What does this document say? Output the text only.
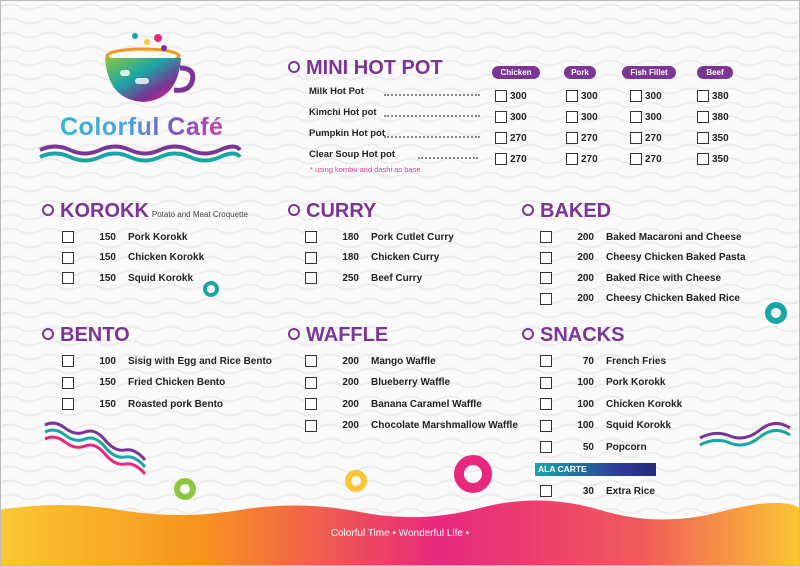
Colorful Café
MINI HOT POT	Chicken	Pork	Fish Fillet	Beef
Milk Hot Pot	300	300	300	380
Kimchi Hot pot	300	300	300	380
Pumpkin Hot pot	270	270	270	350
Clear Soup Hot pot	270	270	270	350
* using kombu and dashi as base
KOROKK Potato and Meat Croquette	CURRY	BAKED
BENTO	WAFFLE	SNACKS
ALA CARTE
150 Pork Korokk
150 Chicken Korokk
150 Squid Korokk
180 Pork Cutlet Curry
180 Chicken Curry
250 Beef Curry
200 Baked Macaroni and Cheese
200 Cheesy Chicken Baked Pasta
200 Baked Rice with Cheese
200 Cheesy Chicken Baked Rice
100 Sisig with Egg and Rice Bento
150 Fried Chicken Bento
150 Roasted pork Bento
200 Mango Waffle
200 Blueberry Waffle
200 Banana Caramel Waffle
200 Chocolate Marshmallow Waffle
70 French Fries
100 Pork Korokk
100 Chicken Korokk
100 Squid Korokk
50 Popcorn
30 Extra Rice
Colorful Time • Wonderful Life •
